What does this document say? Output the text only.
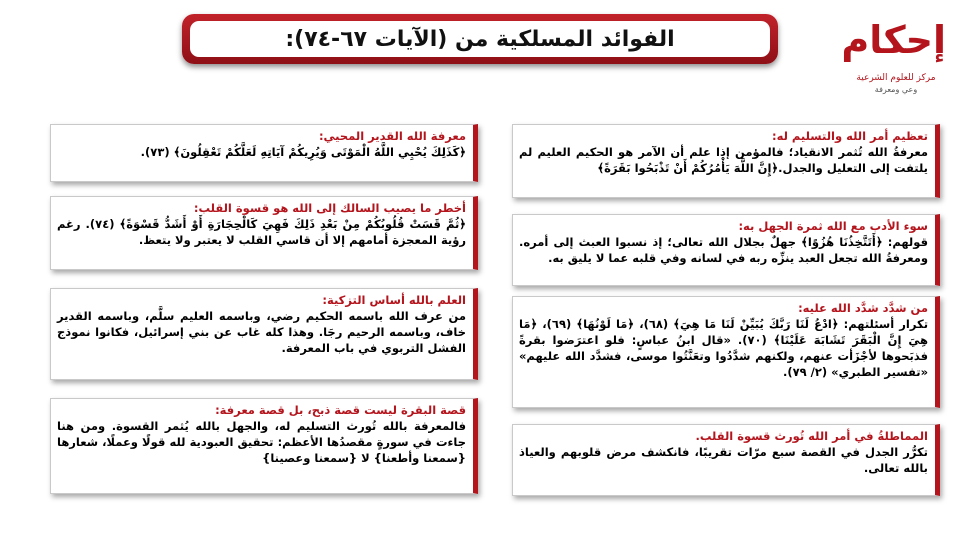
الفوائد المسلكية من (الآيات ٦٧-٧٤):	إحكام
مركز للعلوم الشرعية
وعي ومعرفة
تعظيم أمر الله والتسليم له:

معرفةُ الله تُثمر الانقياد؛ فالمؤمن إذا علم أن الآمر هو الحكيم العليم لم يلتفت إلى التعليل والجدل.﴿إِنَّ اللَّهَ يَأْمُرُكُمْ أَنْ تَذْبَحُوا بَقَرَةً﴾

سوء الأدب مع الله ثمرة الجهل به:

قولهم: ﴿أَتَتَّخِذُنَا هُزُوًا﴾ جهلٌ بجلال الله تعالى؛ إذ نسبوا العبث إلى أمره. ومعرفةُ الله تجعل العبد ينزِّه ربه في لسانه وفي قلبه عما لا يليق به.

من شدَّد شدَّد الله عليه:

تكرار أسئلتهم: ﴿ادْعُ لَنَا رَبَّكَ يُبَيِّنْ لَنَا مَا هِيَ﴾ (٦٨)، ﴿مَا لَوْنُهَا﴾ (٦٩)، ﴿مَا هِيَ إِنَّ الْبَقَرَ تَشَابَهَ عَلَيْنَا﴾ (٧٠). «قال ابنُ عباسٍ: فلو اعترَضوا بقرةً فذبَحوها لأجْزَأت عنهم، ولكنهم شدَّدُوا وتعَنَّتُوا موسى، فشدَّد الله عليهم» «تفسير الطبري» (٢/ ٧٩).

المماطلةُ في أمر الله تُورث قسوة القلب.

تكرُّر الجدل في القصة سبع مرّات تقريبًا، فانكشف مرض قلوبهم والعياذ بالله تعالى.

معرفة الله القدير المحيي:

﴿كَذَلِكَ يُحْيِي اللَّهُ الْمَوْتَى وَيُرِيكُمْ آيَاتِهِ لَعَلَّكُمْ تَعْقِلُونَ﴾ (٧٣).

أخطر ما يصيب السالك إلى الله هو قسوة القلب:

﴿ثُمَّ قَسَتْ قُلُوبُكُمْ مِنْ بَعْدِ ذَلِكَ فَهِيَ كَالْحِجَارَةِ أَوْ أَشَدُّ قَسْوَةً﴾ (٧٤). رغم رؤية المعجزة أمامهم إلا أن قاسي القلب لا يعتبر ولا يتعظ.

العلم بالله أساس التزكية:

من عرف الله باسمه الحكيم رضي، وباسمه العليم سلَّم، وباسمه القدير خاف، وباسمه الرحيم رجَا. وهذا كله غاب عن بني إسرائيل، فكانوا نموذج الفشل التربوي في باب المعرفة.

قصة البقرة ليست قصة ذبح، بل قصة معرفة:

فالمعرفة بالله تُورث التسليم له، والجهل بالله يُثمر القسوة. ومن هنا جاءت في سورةٍ مقصدُها الأعظم: تحقيق العبودية لله قولًا وعملًا، شعارها {سمعنا وأطعنا} لا {سمعنا وعصينا}
